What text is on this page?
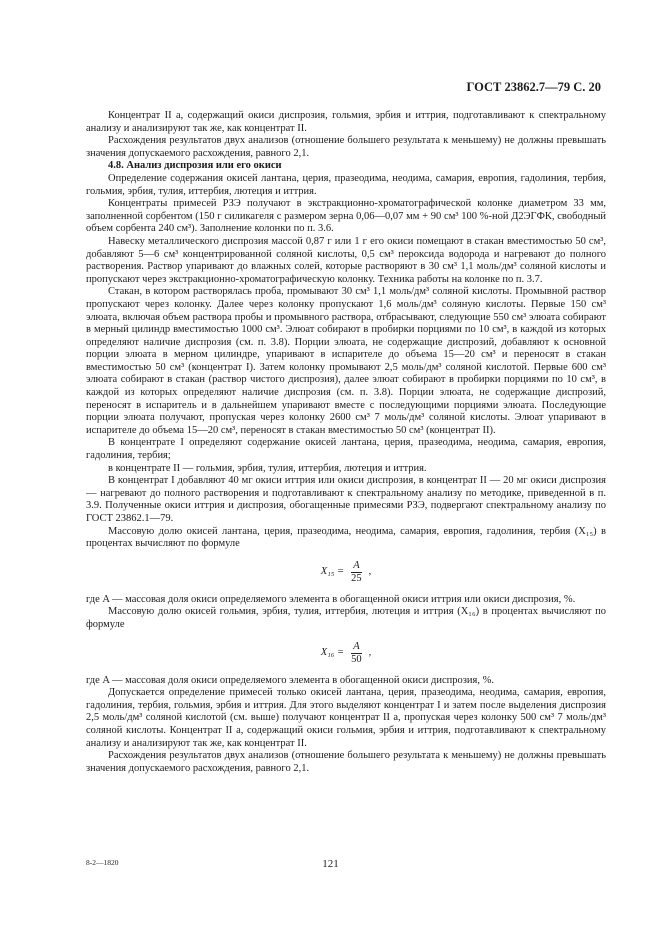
ГОСТ 23862.7—79 С. 20

Концентрат II а, содержащий окиси диспрозия, гольмия, эрбия и иттрия, подготавливают к спектральному анализу и анализируют так же, как концентрат II.

Расхождения результатов двух анализов (отношение большего результата к меньшему) не должны превышать значения допускаемого расхождения, равного 2,1.

4.8. Анализ диспрозия или его окиси

Определение содержания окисей лантана, церия, празеодима, неодима, самария, европия, гадолиния, тербия, гольмия, эрбия, тулия, иттербия, лютеция и иттрия.

Концентраты примесей РЗЭ получают в экстракционно-хроматографической колонке диаметром 33 мм, заполненной сорбентом (150 г силикагеля с размером зерна 0,06—0,07 мм + 90 см³ 100 %-ной Д2ЭГФК, свободный объем сорбента 240 см³). Заполнение колонки по п. 3.6.

Навеску металлического диспрозия массой 0,87 г или 1 г его окиси помещают в стакан вместимостью 50 см³, добавляют 5—6 см³ концентрированной соляной кислоты, 0,5 см³ пероксида водорода и нагревают до полного растворения. Раствор упаривают до влажных солей, которые растворяют в 30 см³ 1,1 моль/дм³ соляной кислоты и пропускают через экстракционно-хроматографическую колонку. Техника работы на колонке по п. 3.7.

Стакан, в котором растворялась проба, промывают 30 см³ 1,1 моль/дм³ соляной кислоты. Промывной раствор пропускают через колонку. Далее через колонку пропускают 1,6 моль/дм³ соляную кислоты. Первые 150 см³ элюата, включая объем раствора пробы и промывного раствора, отбрасывают, следующие 550 см³ элюата собирают в мерный цилиндр вместимостью 1000 см³. Элюат собирают в пробирки порциями по 10 см³, в каждой из которых определяют наличие диспрозия (см. п. 3.8). Порции элюата, не содержащие диспрозий, добавляют к основной порции элюата в мерном цилиндре, упаривают в испарителе до объема 15—20 см³ и переносят в стакан вместимостью 50 см³ (концентрат I). Затем колонку промывают 2,5 моль/дм³ соляной кислотой. Первые 600 см³ элюата собирают в стакан (раствор чистого диспрозия), далее элюат собирают в пробирки порциями по 10 см³, в каждой из которых определяют наличие диспрозия (см. п. 3.8). Порции элюата, не содержащие диспрозий, переносят в испаритель и в дальнейшем упаривают вместе с последующими порциями элюата. Последующие порции элюата получают, пропуская через колонку 2600 см³ 7 моль/дм³ соляной кислоты. Элюат упаривают в испарителе до объема 15—20 см³, переносят в стакан вместимостью 50 см³ (концентрат II).

В концентрате I определяют содержание окисей лантана, церия, празеодима, неодима, самария, европия, гадолиния, тербия;

в концентрате II — гольмия, эрбия, тулия, иттербия, лютеция и иттрия.

В концентрат I добавляют 40 мг окиси иттрия или окиси диспрозия, в концентрат II — 20 мг окиси диспрозия — нагревают до полного растворения и подготавливают к спектральному анализу по методике, приведенной в п. 3.9. Полученные окиси иттрия и диспрозия, обогащенные примесями РЗЭ, подвергают спектральному анализу по ГОСТ 23862.1—79.

Массовую долю окисей лантана, церия, празеодима, неодима, самария, европия, гадолиния, тербия (X₁₅) в процентах вычисляют по формуле

$X_{15} = \frac{A}{25}$ ,

где A — массовая доля окиси определяемого элемента в обогащенной окиси иттрия или окиси диспрозия, %.

Массовую долю окисей гольмия, эрбия, тулия, иттербия, лютеция и иттрия (X₁₆) в процентах вычисляют по формуле

$X_{16} = \frac{A}{50}$ ,

где A — массовая доля окиси определяемого элемента в обогащенной окиси диспрозия, %.

Допускается определение примесей только окисей лантана, церия, празеодима, неодима, самария, европия, гадолиния, тербия, гольмия, эрбия и иттрия. Для этого выделяют концентрат I и затем после выделения диспрозия 2,5 моль/дм³ соляной кислотой (см. выше) получают концентрат II а, пропуская через колонку 500 см³ 7 моль/дм³ соляной кислоты. Концентрат II а, содержащий окиси гольмия, эрбия и иттрия, подготавливают к спектральному анализу и анализируют так же, как концентрат II.

Расхождения результатов двух анализов (отношение большего результата к меньшему) не должны превышать значения допускаемого расхождения, равного 2,1.

8-2—1820	121
